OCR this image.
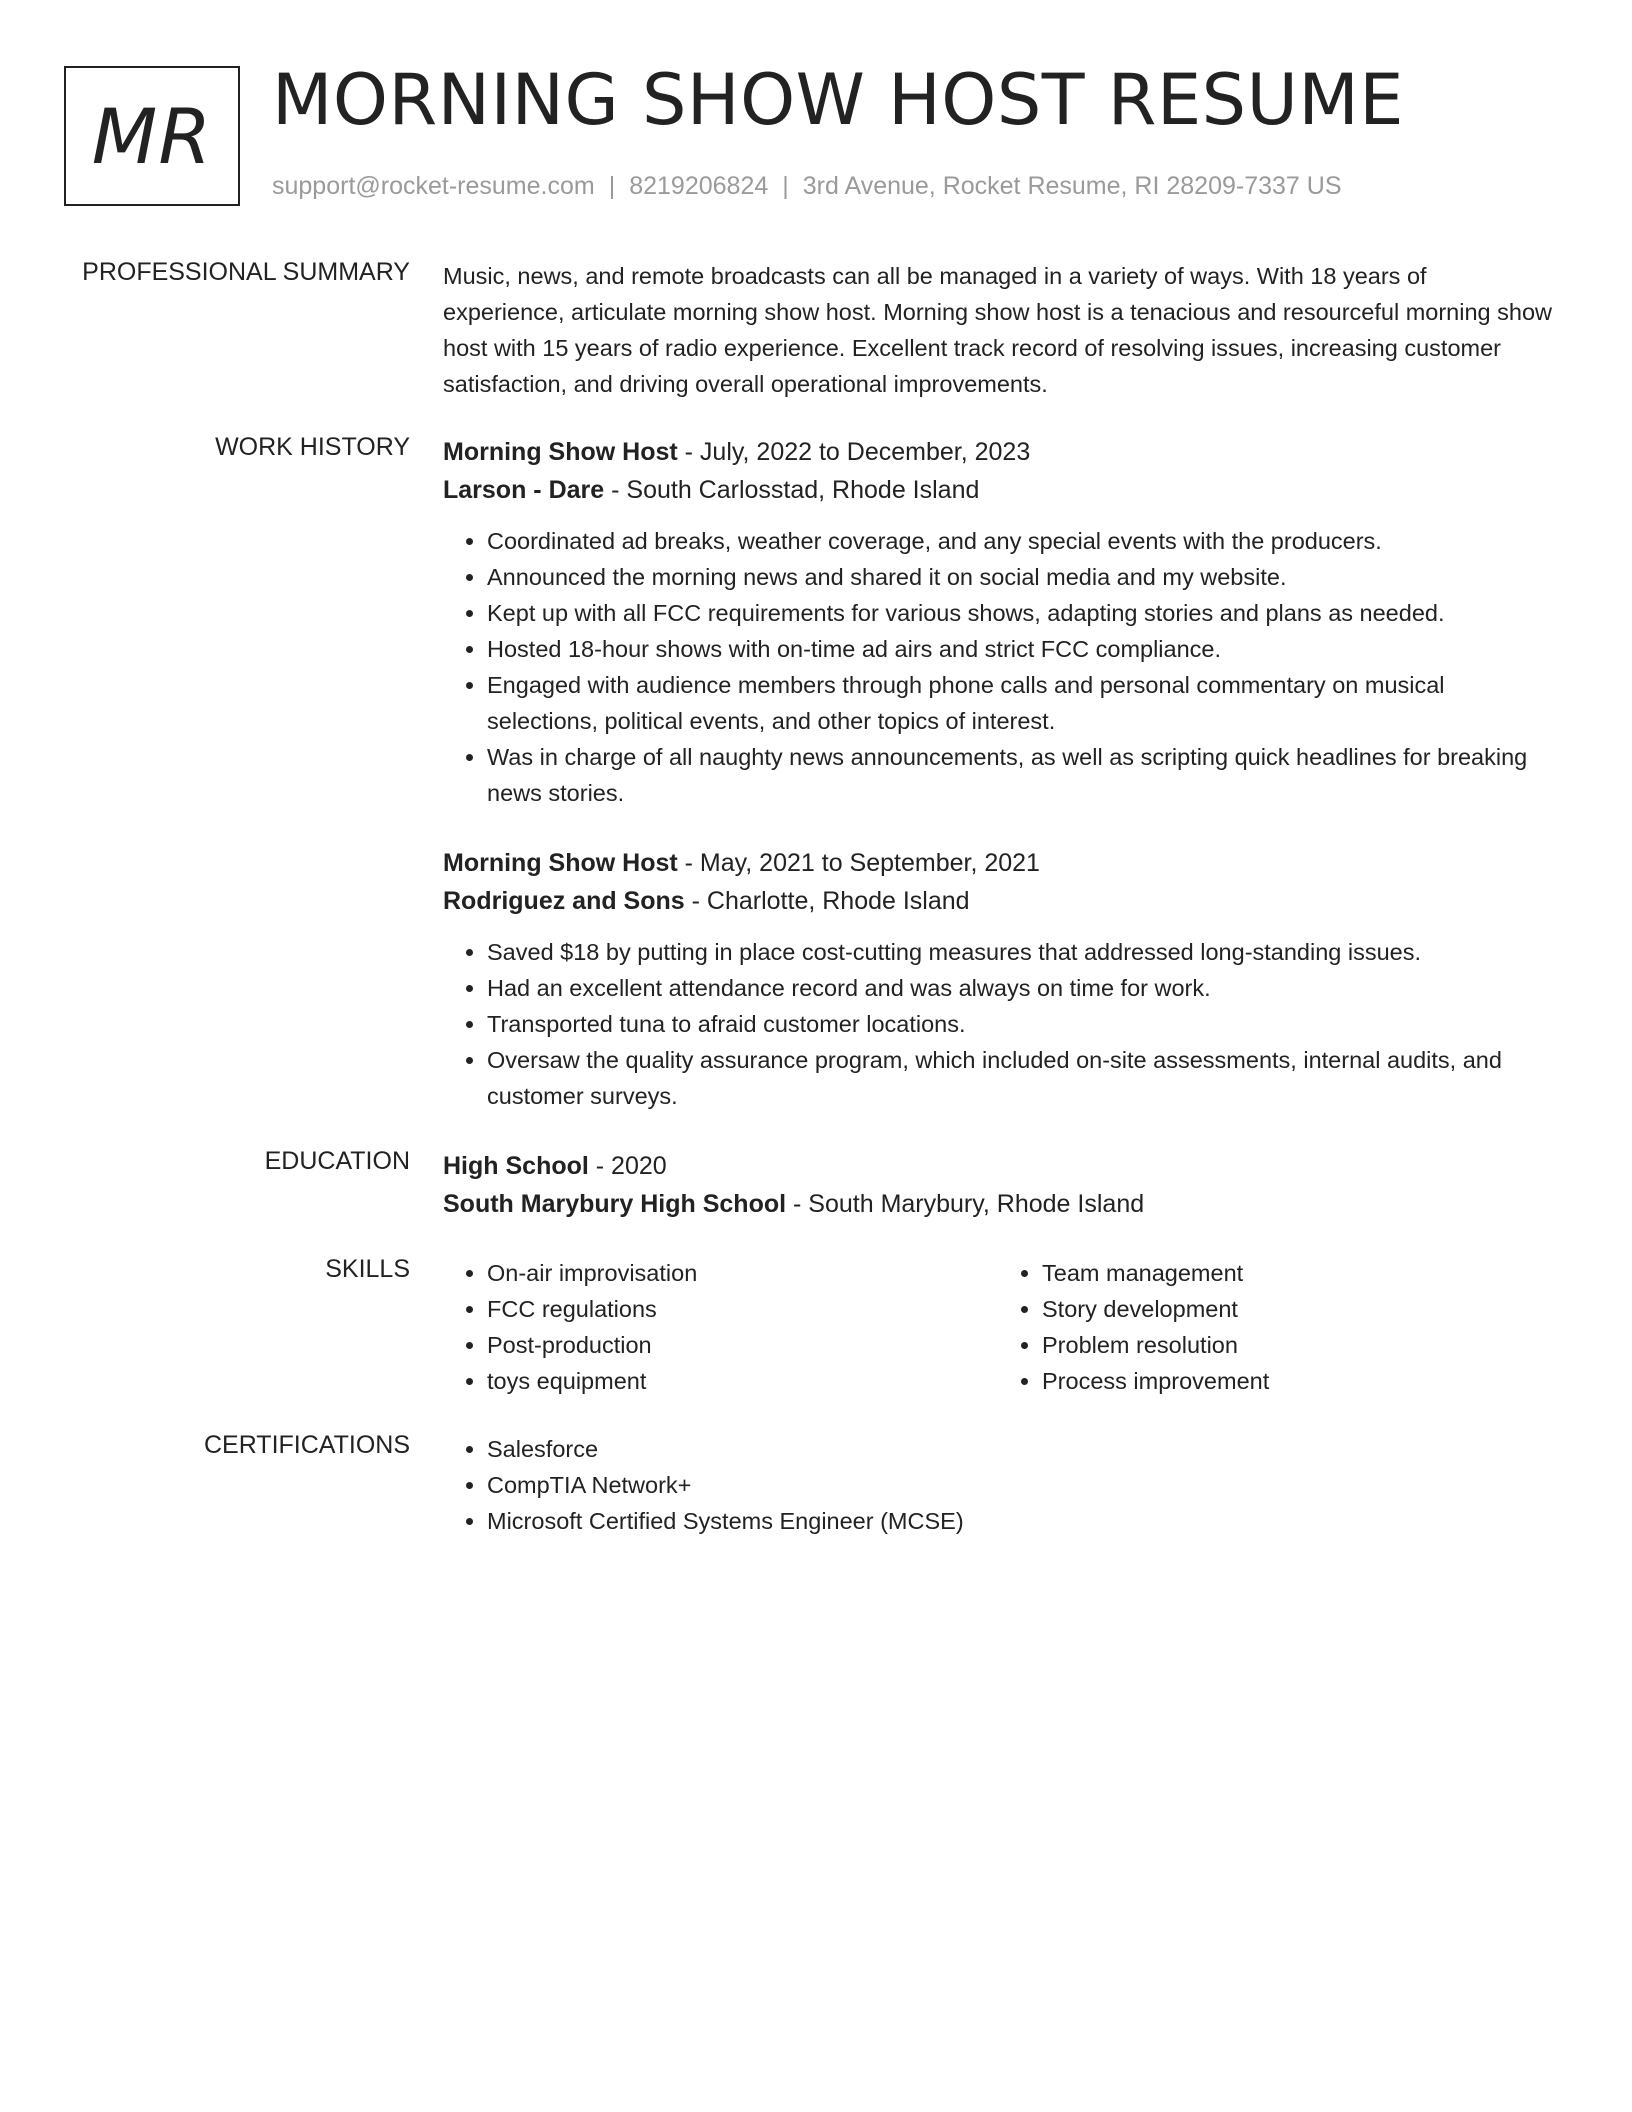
MR MORNING SHOW HOST RESUME
support@rocket-resume.com | 8219206824 | 3rd Avenue, Rocket Resume, RI 28209-7337 US
PROFESSIONAL SUMMARY Music, news, and remote broadcasts can all be managed in a variety of ways. With 18 years of experience, articulate morning show host. Morning show host is a tenacious and resourceful morning show host with 15 years of radio experience. Excellent track record of resolving issues, increasing customer satisfaction, and driving overall operational improvements.

WORK HISTORY Morning Show Host - July, 2022 to December, 2023
Larson - Dare - South Carlosstad, Rhode Island
• Coordinated ad breaks, weather coverage, and any special events with the producers.
• Announced the morning news and shared it on social media and my website.
• Kept up with all FCC requirements for various shows, adapting stories and plans as needed.
• Hosted 18-hour shows with on-time ad airs and strict FCC compliance.
• Engaged with audience members through phone calls and personal commentary on musical selections, political events, and other topics of interest.
• Was in charge of all naughty news announcements, as well as scripting quick headlines for breaking news stories.
Morning Show Host - May, 2021 to September, 2021
Rodriguez and Sons - Charlotte, Rhode Island
• Saved $18 by putting in place cost-cutting measures that addressed long-standing issues.
• Had an excellent attendance record and was always on time for work.
• Transported tuna to afraid customer locations.
• Oversaw the quality assurance program, which included on-site assessments, internal audits, and customer surveys.
EDUCATION High School - 2020
South Marybury High School - South Marybury, Rhode Island
SKILLS	• On-air improvisation
• FCC regulations
• Post-production
• toys equipment
• Team management
• Story development
• Problem resolution
• Process improvement
CERTIFICATIONS	• Salesforce
• CompTIA Network+
• Microsoft Certified Systems Engineer (MCSE)
